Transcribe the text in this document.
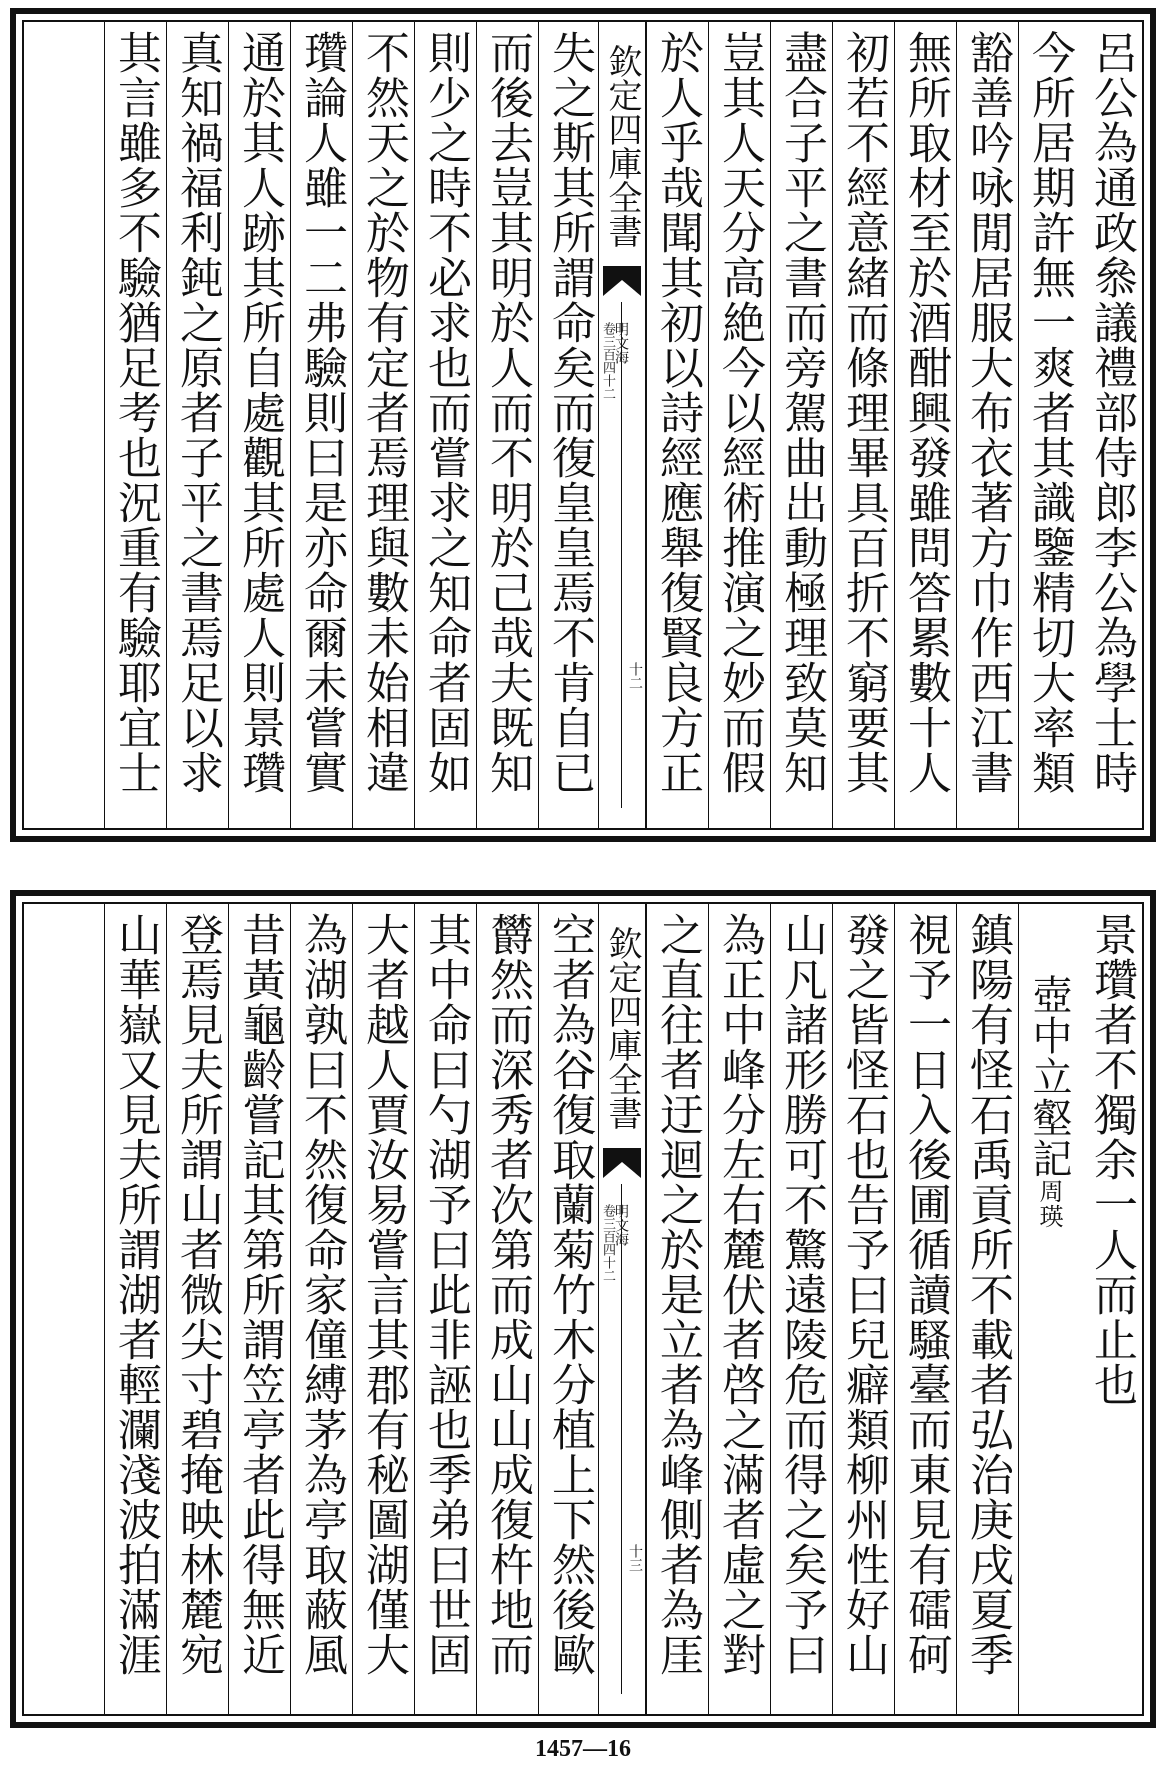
呂公為通政叅議禮部侍郎李公為學士時
今所居期許無一爽者其識鑒精切大率類
豁善吟咏閒居服大布衣著方巾作西江書
無所取材至於酒酣興發雖問答累數十人
初若不經意緒而條理畢具百折不窮要其
盡合子平之書而旁駕曲出動極理致莫知
豈其人天分高絶今以經術推演之妙而假
於人乎哉聞其初以詩經應舉復賢良方正
欽定四庫全書
明文海
卷三百四十二
十二
失之斯其所謂命矣而復皇皇焉不肯自已
而後去豈其明於人而不明於己哉夫既知
則少之時不必求也而嘗求之知命者固如
不然天之於物有定者焉理與數未始相違
瓚論人雖一二弗驗則曰是亦命爾未嘗實
通於其人跡其所自處觀其所處人則景瓚
真知禍福利鈍之原者子平之書焉足以求
其言雖多不驗猶足考也況重有驗耶宜士
景瓚者不獨余一人而止也
壺中立壑記周瑛
鎮陽有怪石禹貢所不載者弘治庚戌夏季
視予一日入後圃循讀騷臺而東見有礌砢
發之皆怪石也告予曰兒癖類柳州性好山
山凡諸形勝可不驚遠陵危而得之矣予曰
為正中峰分左右麓伏者啓之滿者虛之對
之直往者迂迴之於是立者為峰側者為厓
欽定四庫全書
明文海
卷三百四十二
十三
空者為谷復取蘭菊竹木分植上下然後歐
欝然而深秀者次第而成山山成復杵地而
其中命曰勺湖予曰此非誣也季弟曰世固
大者越人賈汝易嘗言其郡有秘圖湖僅大
為湖孰曰不然復命家僮縛茅為亭取蔽風
昔黃龜齡嘗記其第所謂笠亭者此得無近
登焉見夫所謂山者微尖寸碧掩映林麓宛
山華嶽又見夫所謂湖者輕瀾淺波拍滿涯
1457—16
